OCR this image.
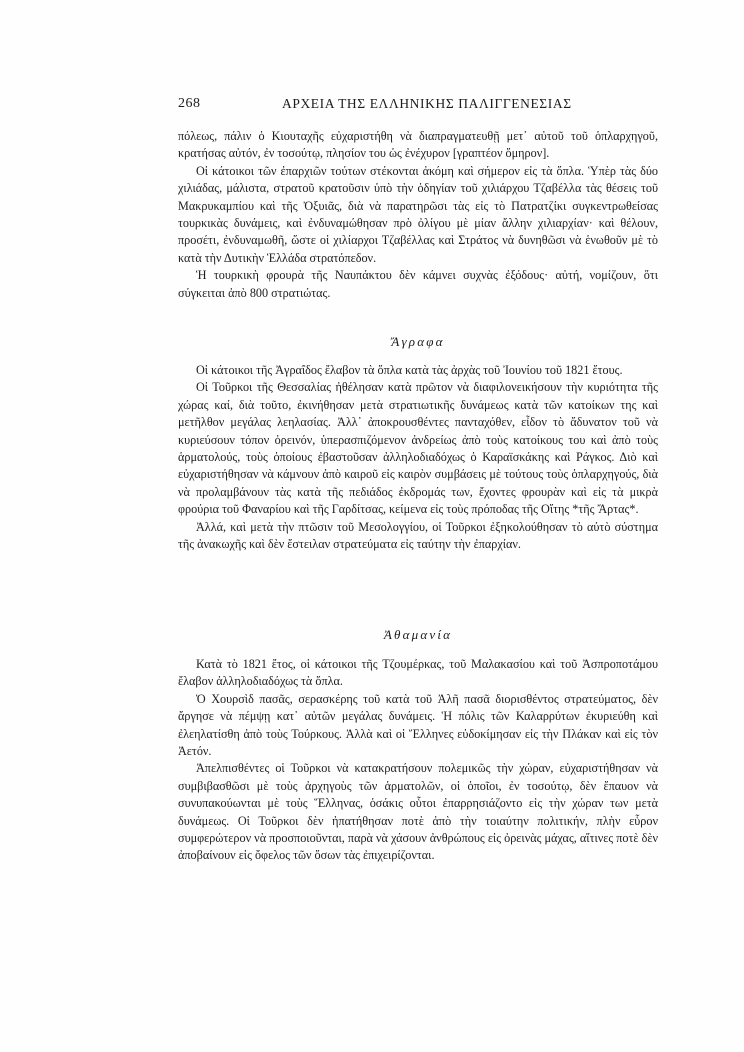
268	ΑΡΧΕΙΑ ΤΗΣ ΕΛΛΗΝΙΚΗΣ ΠΑΛΙΓΓΕΝΕΣΙΑΣ

πόλεως, πάλιν ὁ Κιουταχῆς εὐχαριστήθη νὰ διαπραγματευθῇ μετ᾽ αὐτοῦ τοῦ ὁπλαρχηγοῦ, κρατήσας αὐτόν, ἐν τοσούτῳ, πλησίον του ὡς ἐνέχυρον [γραπτέον ὅμηρον].

Οἱ κάτοικοι τῶν ἐπαρχιῶν τούτων στέκονται ἀκόμη καὶ σήμερον εἰς τὰ ὅπλα. Ὑπὲρ τὰς δύο χιλιάδας, μάλιστα, στρατοῦ κρατοῦσιν ὑπὸ τὴν ὁδηγίαν τοῦ χιλιάρχου Τζαβέλλα τὰς θέσεις τοῦ Μακρυκαμπίου καὶ τῆς Ὀξυιᾶς, διὰ νὰ παρατηρῶσι τὰς εἰς τὸ Πατρατζίκι συγκεντρωθείσας τουρκικὰς δυνάμεις, καὶ ἐνδυναμώθησαν πρὸ ὀλίγου μὲ μίαν ἄλλην χιλιαρχίαν· καὶ θέλουν, προσέτι, ἐνδυναμωθῆ, ὥστε οἱ χιλίαρχοι Τζαβέλλας καὶ Στράτος νὰ δυνηθῶσι νὰ ἑνωθοῦν μὲ τὸ κατὰ τὴν Δυτικὴν Ἑλλάδα στρατόπεδον.

Ἡ τουρκικὴ φρουρὰ τῆς Ναυπάκτου δὲν κάμνει συχνὰς ἐξόδους· αὐτή, νομίζουν, ὅτι σύγκειται ἀπὸ 800 στρατιώτας.

Ἄγραφα

Οἱ κάτοικοι τῆς Ἀγραΐδος ἔλαβον τὰ ὅπλα κατὰ τὰς ἀρχὰς τοῦ Ἰουνίου τοῦ 1821 ἔτους.

Οἱ Τοῦρκοι τῆς Θεσσαλίας ἠθέλησαν κατὰ πρῶτον νὰ διαφιλονεικήσουν τὴν κυριότητα τῆς χώρας καί, διὰ τοῦτο, ἐκινήθησαν μετὰ στρατιωτικῆς δυνάμεως κατὰ τῶν κατοίκων της καὶ μετῆλθον μεγάλας λεηλασίας. Ἀλλ᾽ ἀποκρουσθέντες πανταχόθεν, εἶδον τὸ ἄδυνατον τοῦ νὰ κυριεύσουν τόπον ὀρεινόν, ὑπερασπιζόμενον ἀνδρείως ἀπὸ τοὺς κατοίκους του καὶ ἀπὸ τοὺς ἁρματολούς, τοὺς ὁποίους ἐβαστοῦσαν ἀλληλοδιαδόχως ὁ Καραϊσκάκης καὶ Ράγκος. Διὸ καὶ εὐχαριστήθησαν νὰ κάμνουν ἀπὸ καιροῦ εἰς καιρὸν συμβάσεις μὲ τούτους τοὺς ὁπλαρχηγούς, διὰ νὰ προλαμβάνουν τὰς κατὰ τῆς πεδιάδος ἐκδρομάς των, ἔχοντες φρουρὰν καὶ εἰς τὰ μικρὰ φρούρια τοῦ Φαναρίου καὶ τῆς Γαρδίτσας, κείμενα εἰς τοὺς πρόποδας τῆς Οἴτης *τῆς Ἄρτας*.

Ἀλλά, καὶ μετὰ τὴν πτῶσιν τοῦ Μεσολογγίου, οἱ Τοῦρκοι ἐξηκολούθησαν τὸ αὐτὸ σύστημα τῆς ἀνακωχῆς καὶ δὲν ἔστειλαν στρατεύματα εἰς ταύτην τὴν ἐπαρχίαν.

Ἀθαμανία

Κατὰ τὸ 1821 ἔτος, οἱ κάτοικοι τῆς Τζουμέρκας, τοῦ Μαλακασίου καὶ τοῦ Ἀσπροποτάμου ἔλαβον ἀλληλοδιαδόχως τὰ ὅπλα.

Ὁ Χουρσὶδ πασᾶς, σερασκέρης τοῦ κατὰ τοῦ Ἀλῆ πασᾶ διορισθέντος στρατεύματος, δὲν ἄργησε νὰ πέμψῃ κατ᾽ αὐτῶν μεγάλας δυνάμεις. Ἡ πόλις τῶν Καλαρρύτων ἐκυριεύθη καὶ ἐλεηλατίσθη ἀπὸ τοὺς Τούρκους. Ἀλλὰ καὶ οἱ Ἕλληνες εὐδοκίμησαν εἰς τὴν Πλάκαν καὶ εἰς τὸν Ἀετόν.

Ἀπελπισθέντες οἱ Τοῦρκοι νὰ κατακρατήσουν πολεμικῶς τὴν χώραν, εὐχαριστήθησαν νὰ συμβιβασθῶσι μὲ τοὺς ἀρχηγοὺς τῶν ἁρματολῶν, οἱ ὁποῖοι, ἐν τοσούτῳ, δὲν ἔπαυον νὰ συνυπακούωνται μὲ τοὺς Ἕλληνας, ὁσάκις οὗτοι ἐπαρρησιάζοντο εἰς τὴν χώραν των μετὰ δυνάμεως. Οἱ Τοῦρκοι δὲν ἠπατήθησαν ποτὲ ἀπὸ τὴν τοιαύτην πολιτικήν, πλὴν εὗρον συμφερώτερον νὰ προσποιοῦνται, παρὰ νὰ χάσουν ἀνθρώπους εἰς ὀρεινὰς μάχας, αἵτινες ποτὲ δὲν ἀποβαίνουν εἰς ὄφελος τῶν ὅσων τὰς ἐπιχειρίζονται.
